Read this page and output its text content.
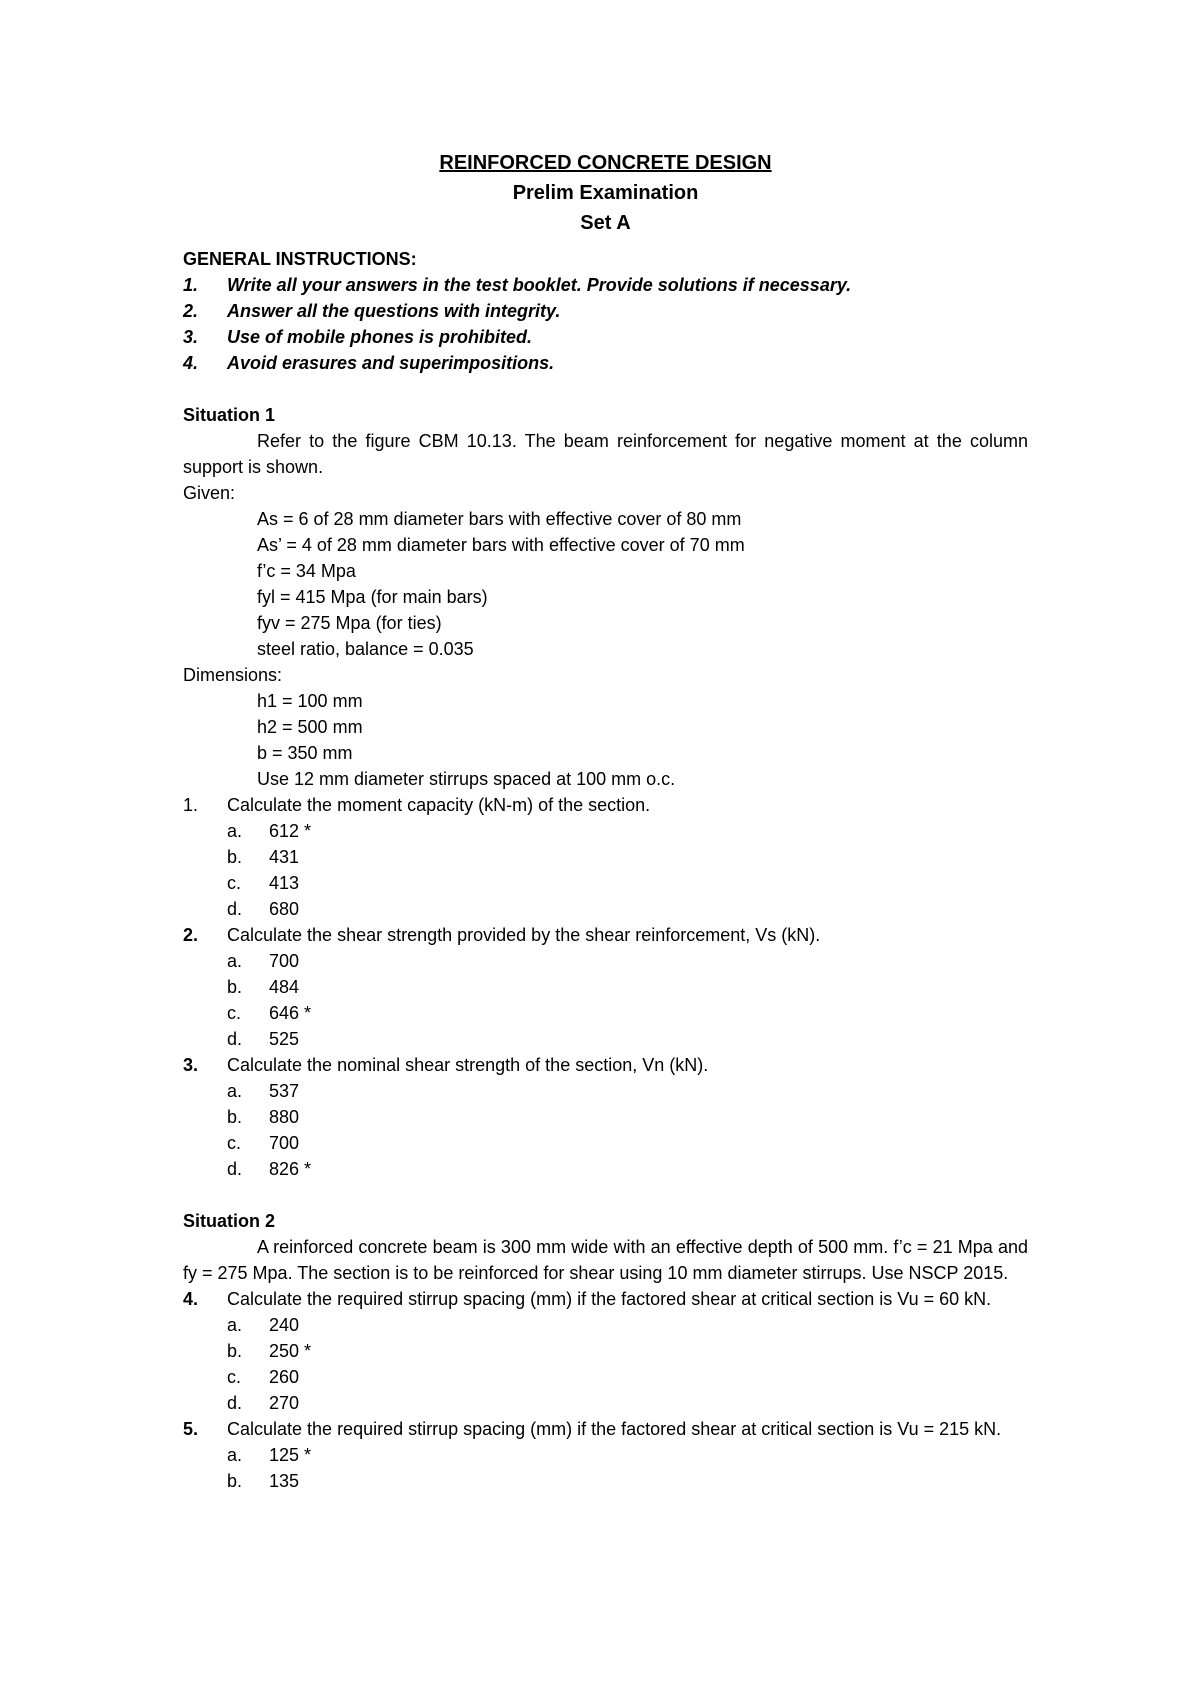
REINFORCED CONCRETE DESIGN
Prelim Examination
Set A
GENERAL INSTRUCTIONS:
1.	Write all your answers in the test booklet. Provide solutions if necessary.
2.	Answer all the questions with integrity.
3.	Use of mobile phones is prohibited.
4.	Avoid erasures and superimpositions.
Situation 1
Refer to the figure CBM 10.13. The beam reinforcement for negative moment at the column support is shown.
Given:
As = 6 of 28 mm diameter bars with effective cover of 80 mm
As’ = 4 of 28 mm diameter bars with effective cover of 70 mm
f’c = 34 Mpa
fyl = 415 Mpa (for main bars)
fyv = 275 Mpa (for ties)
steel ratio, balance = 0.035
Dimensions:
h1 = 100 mm
h2 = 500 mm
b = 350 mm
Use 12 mm diameter stirrups spaced at 100 mm o.c.
1.	Calculate the moment capacity (kN-m) of the section.
a.	612 *
b.	431
c.	413
d.	680
2.	Calculate the shear strength provided by the shear reinforcement, Vs (kN).
a.	700
b.	484
c.	646 *
d.	525
3.	Calculate the nominal shear strength of the section, Vn (kN).
a.	537
b.	880
c.	700
d.	826 *
Situation 2
A reinforced concrete beam is 300 mm wide with an effective depth of 500 mm. f’c = 21 Mpa and fy = 275 Mpa. The section is to be reinforced for shear using 10 mm diameter stirrups. Use NSCP 2015.
4.	Calculate the required stirrup spacing (mm) if the factored shear at critical section is Vu = 60 kN.
a.	240
b.	250 *
c.	260
d.	270
5.	Calculate the required stirrup spacing (mm) if the factored shear at critical section is Vu = 215 kN.
a.	125 *
b.	135
